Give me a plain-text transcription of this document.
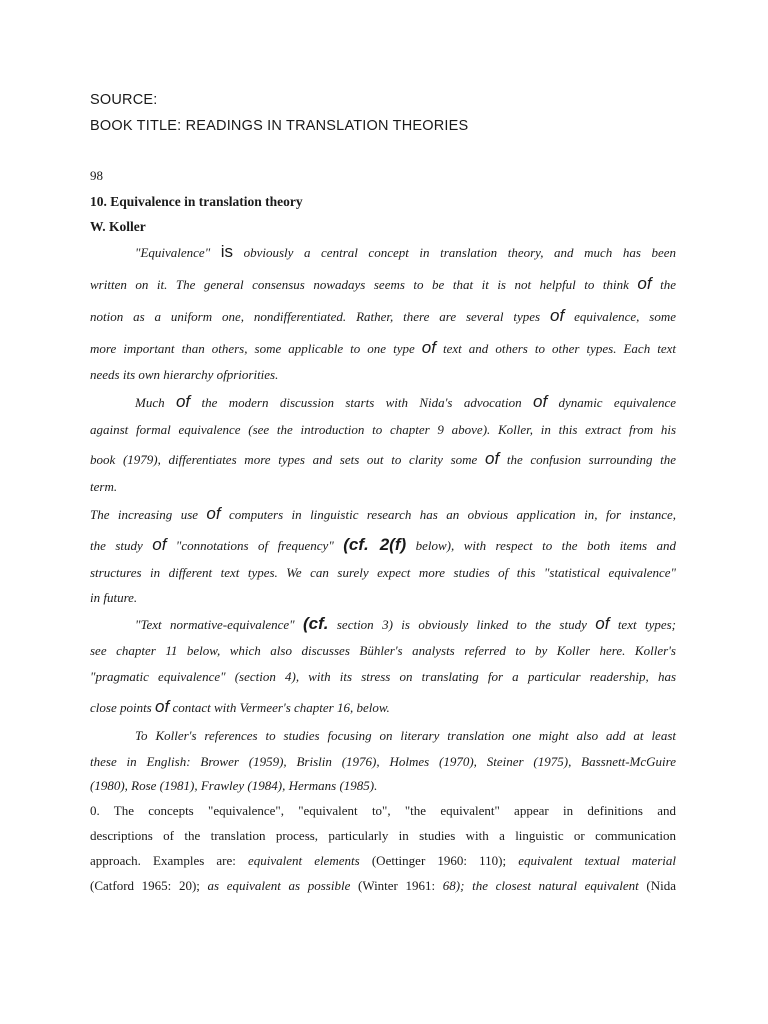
SOURCE:
BOOK TITLE: READINGS IN TRANSLATION THEORIES
98
10. Equivalence in translation theory
W. Koller
"Equivalence" is obviously a central concept in translation theory, and much has been
written on it. The general consensus nowadays seems to be that it is not helpful to think of the
notion as a uniform one, nondifferentiated. Rather, there are several types of equivalence, some
more important than others, some applicable to one type of text and others to other types. Each text
needs its own hierarchy ofpriorities.
Much of the modern discussion starts with Nida's advocation of dynamic equivalence
against formal equivalence (see the introduction to chapter 9 above). Koller, in this extract from his
book (1979), differentiates more types and sets out to clarity some of the confusion surrounding the
term.
The increasing use of computers in linguistic research has an obvious application in, for instance,
the study of "connotations of frequency" (cf. 2(f) below), with respect to the both items and
structures in different text types. We can surely expect more studies of this "statistical equivalence"
in future.
"Text normative-equivalence" (cf. section 3) is obviously linked to the study of text types;
see chapter 11 below, which also discusses Bühler's analysts referred to by Koller here. Koller's
"pragmatic equivalence" (section 4), with its stress on translating for a particular readership, has
close points of contact with Vermeer's chapter 16, below.
To Koller's references to studies focusing on literary translation one might also add at least
these in English: Brower (1959), Brislin (1976), Holmes (1970), Steiner (1975), Bassnett-McGuire
(1980), Rose (1981), Frawley (1984), Hermans (1985).
0. The concepts "equivalence", "equivalent to", "the equivalent" appear in definitions and
descriptions of the translation process, particularly in studies with a linguistic or communication
approach. Examples are: equivalent elements (Oettinger 1960: 110); equivalent textual material
(Catford 1965: 20); as equivalent as possible (Winter 1961: 68); the closest natural equivalent (Nida
